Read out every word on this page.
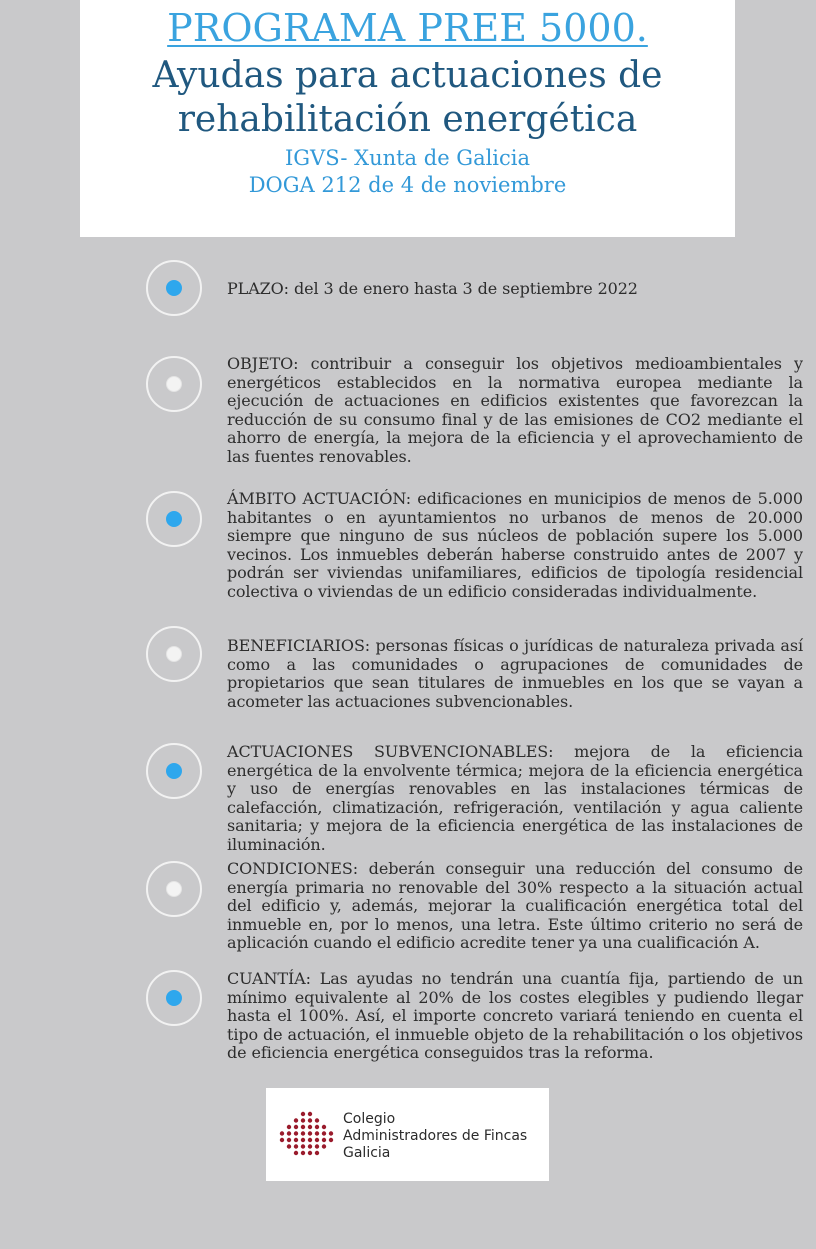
PROGRAMA PREE 5000.
Ayudas para actuaciones de
rehabilitación energética
IGVS- Xunta de Galicia
DOGA 212 de 4 de noviembre
PLAZO: del 3 de enero hasta 3 de septiembre 2022
OBJETO: contribuir a conseguir los objetivos medioambientales y energéticos establecidos en la normativa europea mediante la ejecución de actuaciones en edificios existentes que favorezcan la reducción de su consumo final y de las emisiones de CO2 mediante el ahorro de energía, la mejora de la eficiencia y el aprovechamiento de las fuentes renovables.
ÁMBITO ACTUACIÓN: edificaciones en municipios de menos de 5.000 habitantes o en ayuntamientos no urbanos de menos de 20.000 siempre que ninguno de sus núcleos de población supere los 5.000 vecinos. Los inmuebles deberán haberse construido antes de 2007 y podrán ser viviendas unifamiliares, edificios de tipología residencial colectiva o viviendas de un edificio consideradas individualmente.
BENEFICIARIOS: personas físicas o jurídicas de naturaleza privada así como a las comunidades o agrupaciones de comunidades de propietarios que sean titulares de inmuebles en los que se vayan a acometer las actuaciones subvencionables.
ACTUACIONES SUBVENCIONABLES: mejora de la eficiencia energética de la envolvente térmica; mejora de la eficiencia energética y uso de energías renovables en las instalaciones térmicas de calefacción, climatización, refrigeración, ventilación y agua caliente sanitaria; y mejora de la eficiencia energética de las instalaciones de iluminación.
CONDICIONES: deberán conseguir una reducción del consumo de energía primaria no renovable del 30% respecto a la situación actual del edificio y, además, mejorar la cualificación energética total del inmueble en, por lo menos, una letra. Este último criterio no será de aplicación cuando el edificio acredite tener ya una cualificación A.
CUANTÍA: Las ayudas no tendrán una cuantía fija, partiendo de un mínimo equivalente al 20% de los costes elegibles y pudiendo llegar hasta el 100%. Así, el importe concreto variará teniendo en cuenta el tipo de actuación, el inmueble objeto de la rehabilitación o los objetivos de eficiencia energética conseguidos tras la reforma.
Colegio
Administradores de Fincas
Galicia
